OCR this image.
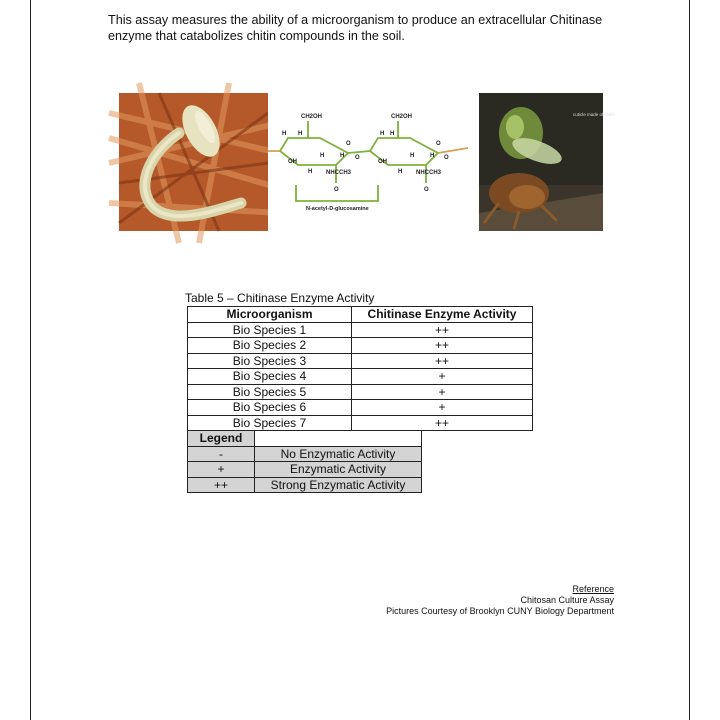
This assay measures the ability of a microorganism to produce an extracellular Chitinase enzyme that catabolizes chitin compounds in the soil.

CH2OH	CH2OH
H H
O
O
O
O
OH	OH
H	H	H	H
H H
H	H
NHCCH3	NHCCH3
O	O
N-acetyl-D-glucosamine
cuticle made of chitin

Table 5 – Chitinase Enzyme Activity

Microorganism	Chitinase Enzyme Activity
Bio Species 1	++
Bio Species 2	++
Bio Species 3	++
Bio Species 4	+
Bio Species 5	+
Bio Species 6	+
Bio Species 7	++
Legend	
-	No Enzymatic Activity
+	Enzymatic Activity
++	Strong Enzymatic Activity
Reference
Chitosan Culture Assay
Pictures Courtesy of Brooklyn CUNY Biology Department
